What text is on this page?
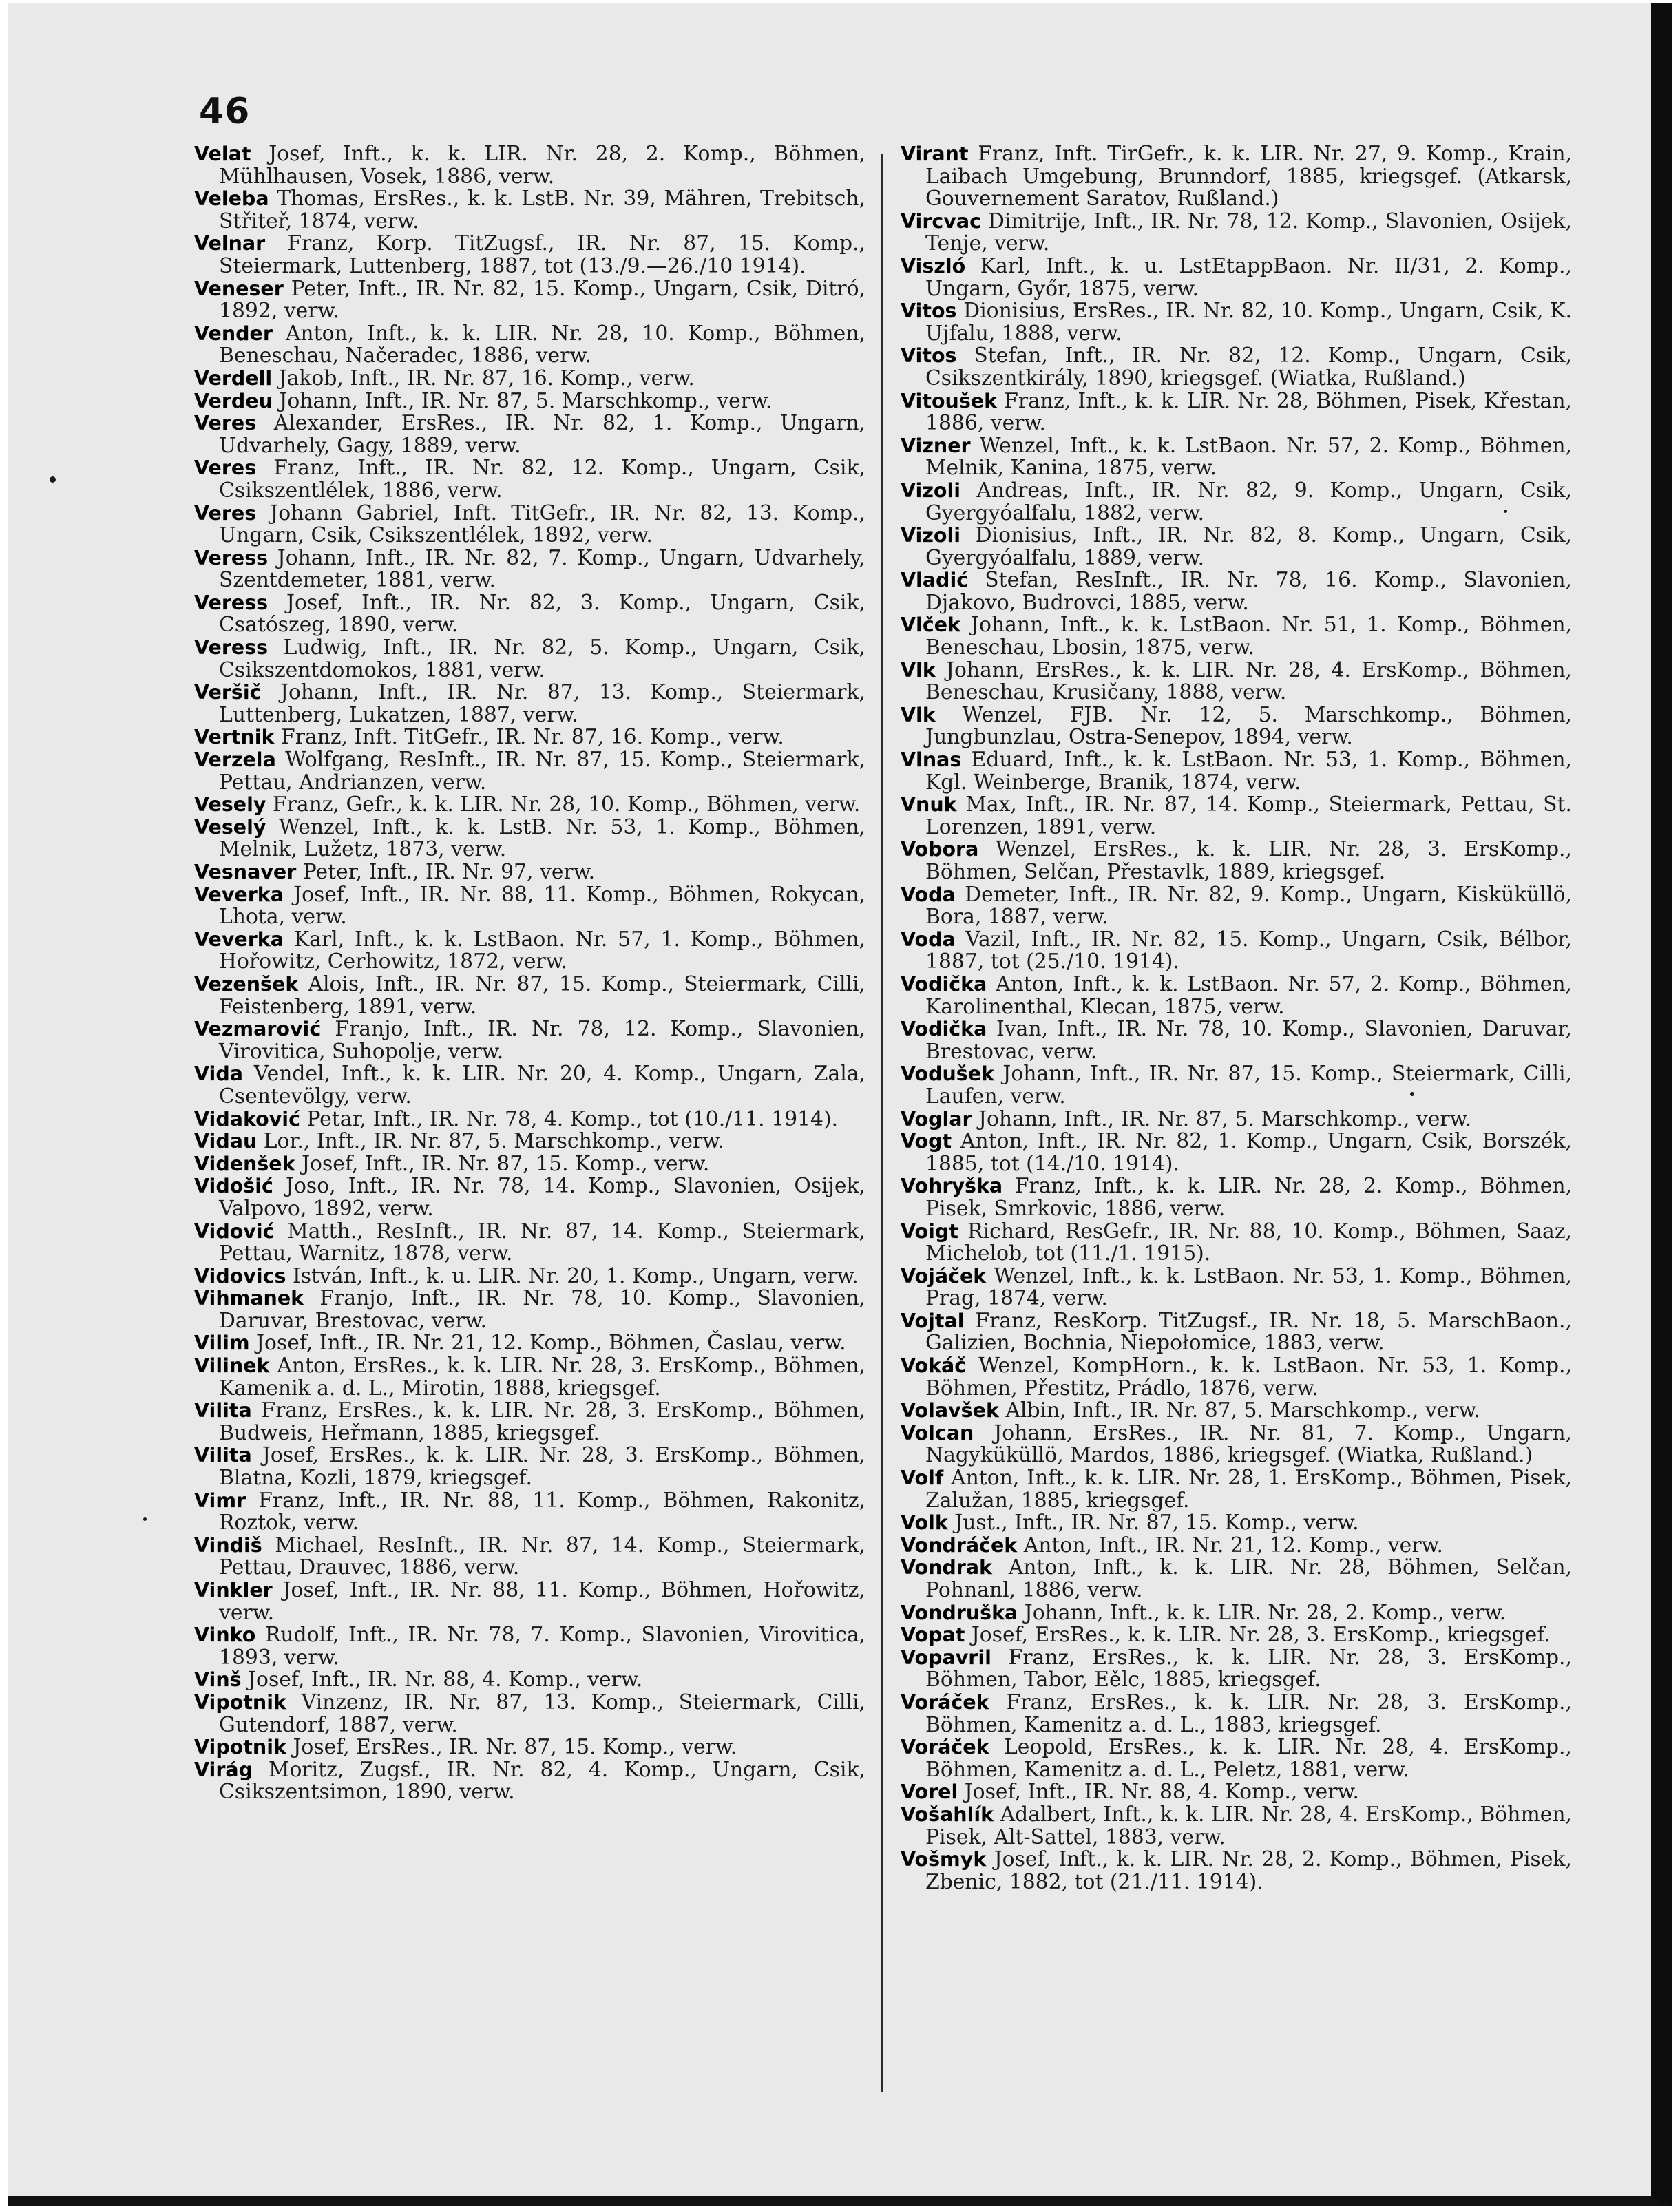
46

Velat Josef, Inft., k. k. LIR. Nr. 28, 2. Komp., Böhmen, Mühlhausen, Vosek, 1886, verw.

Veleba Thomas, ErsRes., k. k. LstB. Nr. 39, Mähren, Trebitsch, Střiteř, 1874, verw.

Velnar Franz, Korp. TitZugsf., IR. Nr. 87, 15. Komp., Steiermark, Luttenberg, 1887, tot (13./9.—26./10 1914).

Veneser Peter, Inft., IR. Nr. 82, 15. Komp., Ungarn, Csik, Ditró, 1892, verw.

Vender Anton, Inft., k. k. LIR. Nr. 28, 10. Komp., Böhmen, Beneschau, Načeradec, 1886, verw.

Verdell Jakob, Inft., IR. Nr. 87, 16. Komp., verw.

Verdeu Johann, Inft., IR. Nr. 87, 5. Marschkomp., verw.

Veres Alexander, ErsRes., IR. Nr. 82, 1. Komp., Ungarn, Udvarhely, Gagy, 1889, verw.

Veres Franz, Inft., IR. Nr. 82, 12. Komp., Ungarn, Csik, Csikszentlélek, 1886, verw.

Veres Johann Gabriel, Inft. TitGefr., IR. Nr. 82, 13. Komp., Ungarn, Csik, Csikszentlélek, 1892, verw.

Veress Johann, Inft., IR. Nr. 82, 7. Komp., Ungarn, Udvarhely, Szentdemeter, 1881, verw.

Veress Josef, Inft., IR. Nr. 82, 3. Komp., Ungarn, Csik, Csatószeg, 1890, verw.

Veress Ludwig, Inft., IR. Nr. 82, 5. Komp., Ungarn, Csik, Csikszentdomokos, 1881, verw.

Veršič Johann, Inft., IR. Nr. 87, 13. Komp., Steiermark, Luttenberg, Lukatzen, 1887, verw.

Vertnik Franz, Inft. TitGefr., IR. Nr. 87, 16. Komp., verw.

Verzela Wolfgang, ResInft., IR. Nr. 87, 15. Komp., Steiermark, Pettau, Andrianzen, verw.

Vesely Franz, Gefr., k. k. LIR. Nr. 28, 10. Komp., Böhmen, verw.

Veselý Wenzel, Inft., k. k. LstB. Nr. 53, 1. Komp., Böhmen, Melnik, Lužetz, 1873, verw.

Vesnaver Peter, Inft., IR. Nr. 97, verw.

Veverka Josef, Inft., IR. Nr. 88, 11. Komp., Böhmen, Rokycan, Lhota, verw.

Veverka Karl, Inft., k. k. LstBaon. Nr. 57, 1. Komp., Böhmen, Hořowitz, Cerhowitz, 1872, verw.

Vezenšek Alois, Inft., IR. Nr. 87, 15. Komp., Steiermark, Cilli, Feistenberg, 1891, verw.

Vezmarović Franjo, Inft., IR. Nr. 78, 12. Komp., Slavonien, Virovitica, Suhopolje, verw.

Vida Vendel, Inft., k. k. LIR. Nr. 20, 4. Komp., Ungarn, Zala, Csentevölgy, verw.

Vidaković Petar, Inft., IR. Nr. 78, 4. Komp., tot (10./11. 1914).

Vidau Lor., Inft., IR. Nr. 87, 5. Marschkomp., verw.

Videnšek Josef, Inft., IR. Nr. 87, 15. Komp., verw.

Vidošić Joso, Inft., IR. Nr. 78, 14. Komp., Slavonien, Osijek, Valpovo, 1892, verw.

Vidović Matth., ResInft., IR. Nr. 87, 14. Komp., Steiermark, Pettau, Warnitz, 1878, verw.

Vidovics István, Inft., k. u. LIR. Nr. 20, 1. Komp., Ungarn, verw.

Vihmanek Franjo, Inft., IR. Nr. 78, 10. Komp., Slavonien, Daruvar, Brestovac, verw.

Vilim Josef, Inft., IR. Nr. 21, 12. Komp., Böhmen, Časlau, verw.

Vilinek Anton, ErsRes., k. k. LIR. Nr. 28, 3. ErsKomp., Böhmen, Kamenik a. d. L., Mirotin, 1888, kriegsgef.

Vilita Franz, ErsRes., k. k. LIR. Nr. 28, 3. ErsKomp., Böhmen, Budweis, Heřmann, 1885, kriegsgef.

Vilita Josef, ErsRes., k. k. LIR. Nr. 28, 3. ErsKomp., Böhmen, Blatna, Kozli, 1879, kriegsgef.

Vimr Franz, Inft., IR. Nr. 88, 11. Komp., Böhmen, Rakonitz, Roztok, verw.

Vindiš Michael, ResInft., IR. Nr. 87, 14. Komp., Steiermark, Pettau, Drauvec, 1886, verw.

Vinkler Josef, Inft., IR. Nr. 88, 11. Komp., Böhmen, Hořowitz, verw.

Vinko Rudolf, Inft., IR. Nr. 78, 7. Komp., Slavonien, Virovitica, 1893, verw.

Vinš Josef, Inft., IR. Nr. 88, 4. Komp., verw.

Vipotnik Vinzenz, IR. Nr. 87, 13. Komp., Steiermark, Cilli, Gutendorf, 1887, verw.

Vipotnik Josef, ErsRes., IR. Nr. 87, 15. Komp., verw.

Virág Moritz, Zugsf., IR. Nr. 82, 4. Komp., Ungarn, Csik, Csikszentsimon, 1890, verw.

Virant Franz, Inft. TirGefr., k. k. LIR. Nr. 27, 9. Komp., Krain, Laibach Umgebung, Brunndorf, 1885, kriegsgef. (Atkarsk, Gouvernement Saratov, Rußland.)

Vircvac Dimitrije, Inft., IR. Nr. 78, 12. Komp., Slavonien, Osijek, Tenje, verw.

Viszló Karl, Inft., k. u. LstEtappBaon. Nr. II/31, 2. Komp., Ungarn, Győr, 1875, verw.

Vitos Dionisius, ErsRes., IR. Nr. 82, 10. Komp., Ungarn, Csik, K. Ujfalu, 1888, verw.

Vitos Stefan, Inft., IR. Nr. 82, 12. Komp., Ungarn, Csik, Csikszentkirály, 1890, kriegsgef. (Wiatka, Rußland.)

Vitoušek Franz, Inft., k. k. LIR. Nr. 28, Böhmen, Pisek, Křestan, 1886, verw.

Vizner Wenzel, Inft., k. k. LstBaon. Nr. 57, 2. Komp., Böhmen, Melnik, Kanina, 1875, verw.

Vizoli Andreas, Inft., IR. Nr. 82, 9. Komp., Ungarn, Csik, Gyergyóalfalu, 1882, verw.

Vizoli Dionisius, Inft., IR. Nr. 82, 8. Komp., Ungarn, Csik, Gyergyóalfalu, 1889, verw.

Vladić Stefan, ResInft., IR. Nr. 78, 16. Komp., Slavonien, Djakovo, Budrovci, 1885, verw.

Vlček Johann, Inft., k. k. LstBaon. Nr. 51, 1. Komp., Böhmen, Beneschau, Lbosin, 1875, verw.

Vlk Johann, ErsRes., k. k. LIR. Nr. 28, 4. ErsKomp., Böhmen, Beneschau, Krusičany, 1888, verw.

Vlk Wenzel, FJB. Nr. 12, 5. Marschkomp., Böhmen, Jungbunzlau, Ostra-Senepov, 1894, verw.

Vlnas Eduard, Inft., k. k. LstBaon. Nr. 53, 1. Komp., Böhmen, Kgl. Weinberge, Branik, 1874, verw.

Vnuk Max, Inft., IR. Nr. 87, 14. Komp., Steiermark, Pettau, St. Lorenzen, 1891, verw.

Vobora Wenzel, ErsRes., k. k. LIR. Nr. 28, 3. ErsKomp., Böhmen, Selčan, Přestavlk, 1889, kriegsgef.

Voda Demeter, Inft., IR. Nr. 82, 9. Komp., Ungarn, Kisküküllö, Bora, 1887, verw.

Voda Vazil, Inft., IR. Nr. 82, 15. Komp., Ungarn, Csik, Bélbor, 1887, tot (25./10. 1914).

Vodička Anton, Inft., k. k. LstBaon. Nr. 57, 2. Komp., Böhmen, Karolinenthal, Klecan, 1875, verw.

Vodička Ivan, Inft., IR. Nr. 78, 10. Komp., Slavonien, Daruvar, Brestovac, verw.

Vodušek Johann, Inft., IR. Nr. 87, 15. Komp., Steiermark, Cilli, Laufen, verw.

Voglar Johann, Inft., IR. Nr. 87, 5. Marschkomp., verw.

Vogt Anton, Inft., IR. Nr. 82, 1. Komp., Ungarn, Csik, Borszék, 1885, tot (14./10. 1914).

Vohryška Franz, Inft., k. k. LIR. Nr. 28, 2. Komp., Böhmen, Pisek, Smrkovic, 1886, verw.

Voigt Richard, ResGefr., IR. Nr. 88, 10. Komp., Böhmen, Saaz, Michelob, tot (11./1. 1915).

Vojáček Wenzel, Inft., k. k. LstBaon. Nr. 53, 1. Komp., Böhmen, Prag, 1874, verw.

Vojtal Franz, ResKorp. TitZugsf., IR. Nr. 18, 5. MarschBaon., Galizien, Bochnia, Niepołomice, 1883, verw.

Vokáč Wenzel, KompHorn., k. k. LstBaon. Nr. 53, 1. Komp., Böhmen, Přestitz, Prádlo, 1876, verw.

Volavšek Albin, Inft., IR. Nr. 87, 5. Marschkomp., verw.

Volcan Johann, ErsRes., IR. Nr. 81, 7. Komp., Ungarn, Nagyküküllö, Mardos, 1886, kriegsgef. (Wiatka, Rußland.)

Volf Anton, Inft., k. k. LIR. Nr. 28, 1. ErsKomp., Böhmen, Pisek, Zalužan, 1885, kriegsgef.

Volk Just., Inft., IR. Nr. 87, 15. Komp., verw.

Vondráček Anton, Inft., IR. Nr. 21, 12. Komp., verw.

Vondrak Anton, Inft., k. k. LIR. Nr. 28, Böhmen, Selčan, Pohnanl, 1886, verw.

Vondruška Johann, Inft., k. k. LIR. Nr. 28, 2. Komp., verw.

Vopat Josef, ErsRes., k. k. LIR. Nr. 28, 3. ErsKomp., kriegsgef.

Vopavril Franz, ErsRes., k. k. LIR. Nr. 28, 3. ErsKomp., Böhmen, Tabor, Eělc, 1885, kriegsgef.

Voráček Franz, ErsRes., k. k. LIR. Nr. 28, 3. ErsKomp., Böhmen, Kamenitz a. d. L., 1883, kriegsgef.

Voráček Leopold, ErsRes., k. k. LIR. Nr. 28, 4. ErsKomp., Böhmen, Kamenitz a. d. L., Peletz, 1881, verw.

Vorel Josef, Inft., IR. Nr. 88, 4. Komp., verw.

Vošahlík Adalbert, Inft., k. k. LIR. Nr. 28, 4. ErsKomp., Böhmen, Pisek, Alt-Sattel, 1883, verw.

Vošmyk Josef, Inft., k. k. LIR. Nr. 28, 2. Komp., Böhmen, Pisek, Zbenic, 1882, tot (21./11. 1914).
